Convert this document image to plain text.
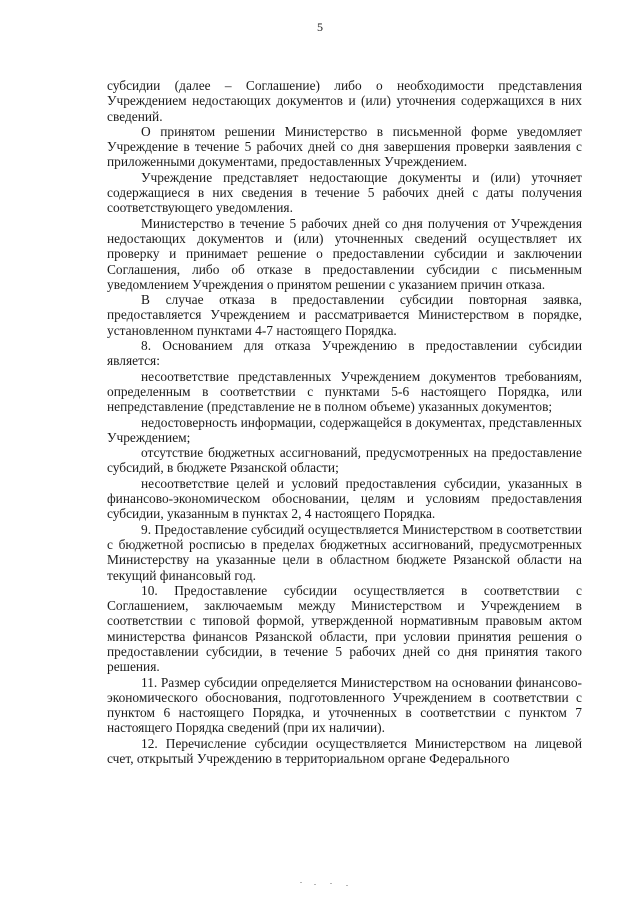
5

субсидии (далее – Соглашение) либо о необходимости представления Учреждением недостающих документов и (или) уточнения содержащихся в них сведений.

О принятом решении Министерство в письменной форме уведомляет Учреждение в течение 5 рабочих дней со дня завершения проверки заявления с приложенными документами, предоставленных Учреждением.

Учреждение представляет недостающие документы и (или) уточняет содержащиеся в них сведения в течение 5 рабочих дней с даты получения соответствующего уведомления.

Министерство в течение 5 рабочих дней со дня получения от Учреждения недостающих документов и (или) уточненных сведений осуществляет их проверку и принимает решение о предоставлении субсидии и заключении Соглашения, либо об отказе в предоставлении субсидии с письменным уведомлением Учреждения о принятом решении с указанием причин отказа.

В случае отказа в предоставлении субсидии повторная заявка, предоставляется Учреждением и рассматривается Министерством в порядке, установленном пунктами 4-7 настоящего Порядка.

8. Основанием для отказа Учреждению в предоставлении субсидии является:

несоответствие представленных Учреждением документов требованиям, определенным в соответствии с пунктами 5-6 настоящего Порядка, или непредставление (представление не в полном объеме) указанных документов;

недостоверность информации, содержащейся в документах, представленных Учреждением;

отсутствие бюджетных ассигнований, предусмотренных на предоставление субсидий, в бюджете Рязанской области;

несоответствие целей и условий предоставления субсидии, указанных в финансово-экономическом обосновании, целям и условиям предоставления субсидии, указанным в пунктах 2, 4 настоящего Порядка.

9. Предоставление субсидий осуществляется Министерством в соответствии с бюджетной росписью в пределах бюджетных ассигнований, предусмотренных Министерству на указанные цели в областном бюджете Рязанской области на текущий финансовый год.

10. Предоставление субсидии осуществляется в соответствии с Соглашением, заключаемым между Министерством и Учреждением в соответствии с типовой формой, утвержденной нормативным правовым актом министерства финансов Рязанской области, при условии принятия решения о предоставлении субсидии, в течение 5 рабочих дней со дня принятия такого решения.

11. Размер субсидии определяется Министерством на основании финансово-экономического обоснования, подготовленного Учреждением в соответствии с пунктом 6 настоящего Порядка, и уточненных в соответствии с пунктом 7 настоящего Порядка сведений (при их наличии).

12. Перечисление субсидии осуществляется Министерством на лицевой счет, открытый Учреждению в территориальном органе Федерального
